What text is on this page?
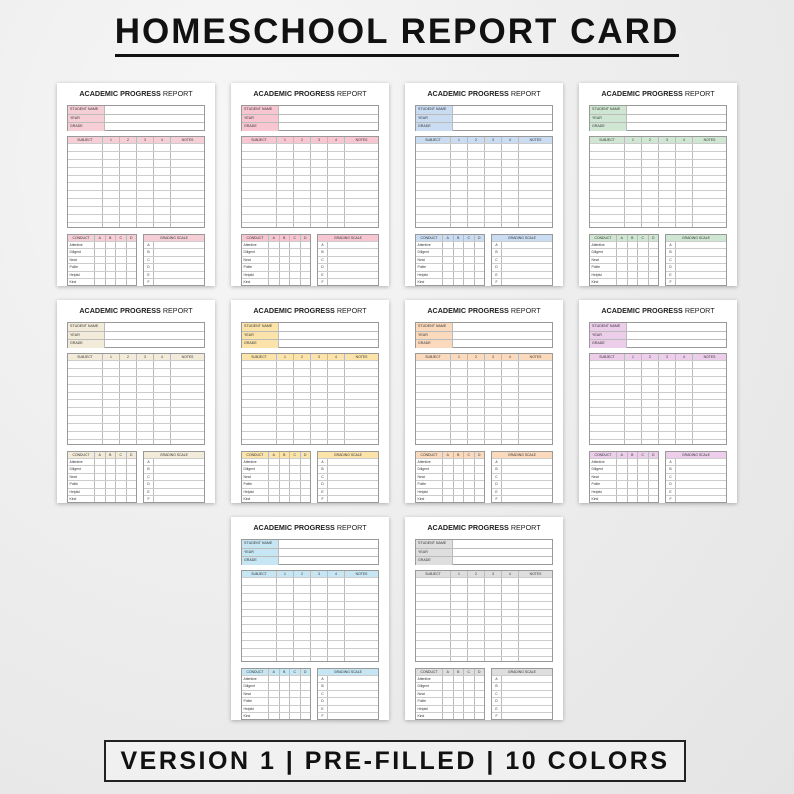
HOMESCHOOL REPORT CARD
ACADEMIC PROGRESS REPORT
STUDENT NAME
YEAR
GRADE
SUBJECT	1	2	3	4	NOTES
CONDUCT	A	B	C	D
Attentive
Diligent
Neat
Polite
Helpful
Kind
GRADING SCALE
A
B
C
D
E
F
ACADEMIC PROGRESS REPORT
STUDENT NAME
YEAR
GRADE
SUBJECT	1	2	3	4	NOTES
CONDUCT	A	B	C	D
Attentive
Diligent
Neat
Polite
Helpful
Kind
GRADING SCALE
A
B
C
D
E
F
ACADEMIC PROGRESS REPORT
STUDENT NAME
YEAR
GRADE
SUBJECT	1	2	3	4	NOTES
CONDUCT	A	B	C	D
Attentive
Diligent
Neat
Polite
Helpful
Kind
GRADING SCALE
A
B
C
D
E
F
ACADEMIC PROGRESS REPORT
STUDENT NAME
YEAR
GRADE
SUBJECT	1	2	3	4	NOTES
CONDUCT	A	B	C	D
Attentive
Diligent
Neat
Polite
Helpful
Kind
GRADING SCALE
A
B
C
D
E
F
ACADEMIC PROGRESS REPORT
STUDENT NAME
YEAR
GRADE
SUBJECT	1	2	3	4	NOTES
CONDUCT	A	B	C	D
Attentive
Diligent
Neat
Polite
Helpful
Kind
GRADING SCALE
A
B
C
D
E
F
ACADEMIC PROGRESS REPORT
STUDENT NAME
YEAR
GRADE
SUBJECT	1	2	3	4	NOTES
CONDUCT	A	B	C	D
Attentive
Diligent
Neat
Polite
Helpful
Kind
GRADING SCALE
A
B
C
D
E
F
ACADEMIC PROGRESS REPORT
STUDENT NAME
YEAR
GRADE
SUBJECT	1	2	3	4	NOTES
CONDUCT	A	B	C	D
Attentive
Diligent
Neat
Polite
Helpful
Kind
GRADING SCALE
A
B
C
D
E
F
ACADEMIC PROGRESS REPORT
STUDENT NAME
YEAR
GRADE
SUBJECT	1	2	3	4	NOTES
CONDUCT	A	B	C	D
Attentive
Diligent
Neat
Polite
Helpful
Kind
GRADING SCALE
A
B
C
D
E
F
ACADEMIC PROGRESS REPORT
STUDENT NAME
YEAR
GRADE
SUBJECT	1	2	3	4	NOTES
CONDUCT	A	B	C	D
Attentive
Diligent
Neat
Polite
Helpful
Kind
GRADING SCALE
A
B
C
D
E
F
ACADEMIC PROGRESS REPORT
STUDENT NAME
YEAR
GRADE
SUBJECT	1	2	3	4	NOTES
CONDUCT	A	B	C	D
Attentive
Diligent
Neat
Polite
Helpful
Kind
GRADING SCALE
A
B
C
D
E
F
VERSION 1 | PRE-FILLED | 10 COLORS
